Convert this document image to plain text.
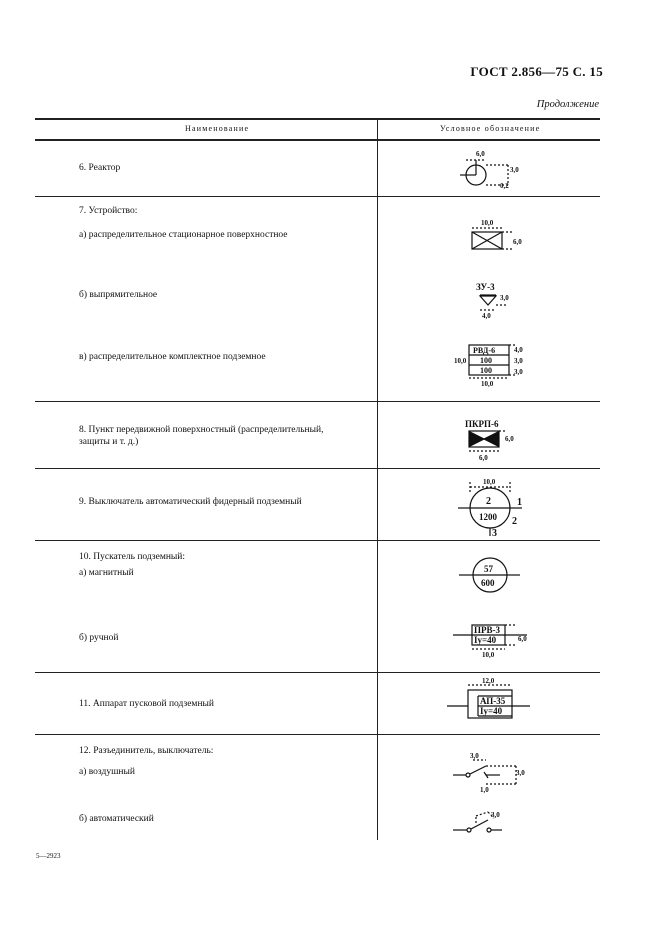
ГОСТ 2.856—75 С. 15
Продолжение
Наименование	Условное обозначение
6. Реактор
7. Устройство:
а) распределительное стационарное поверхностное
б) выпрямительное
в) распределительное комплектное подземное
8. Пункт передвижной поверхностный (распределительный,
защиты и т. д.)
9. Выключатель автоматический фидерный подземный
10. Пускатель подземный:
а) магнитный
б) ручной
11. Аппарат пусковой подземный
12. Разъединитель, выключатель:
а) воздушный
б) автоматический
6,0
3,0
0,2
10,0
6,0
ЗУ-3
3,0
4,0
РВД-6
100
100
4,0
3,0
3,0
10,0
10,0
ПКРП-6
6,0
6,0
10,0
2
1200
1
2
3
57
600
ПРВ-3
Iу=40	6,0
10,0
12,0
АП-35
Iу=40
3,0
3,0
1,0
3,0
5—2923
